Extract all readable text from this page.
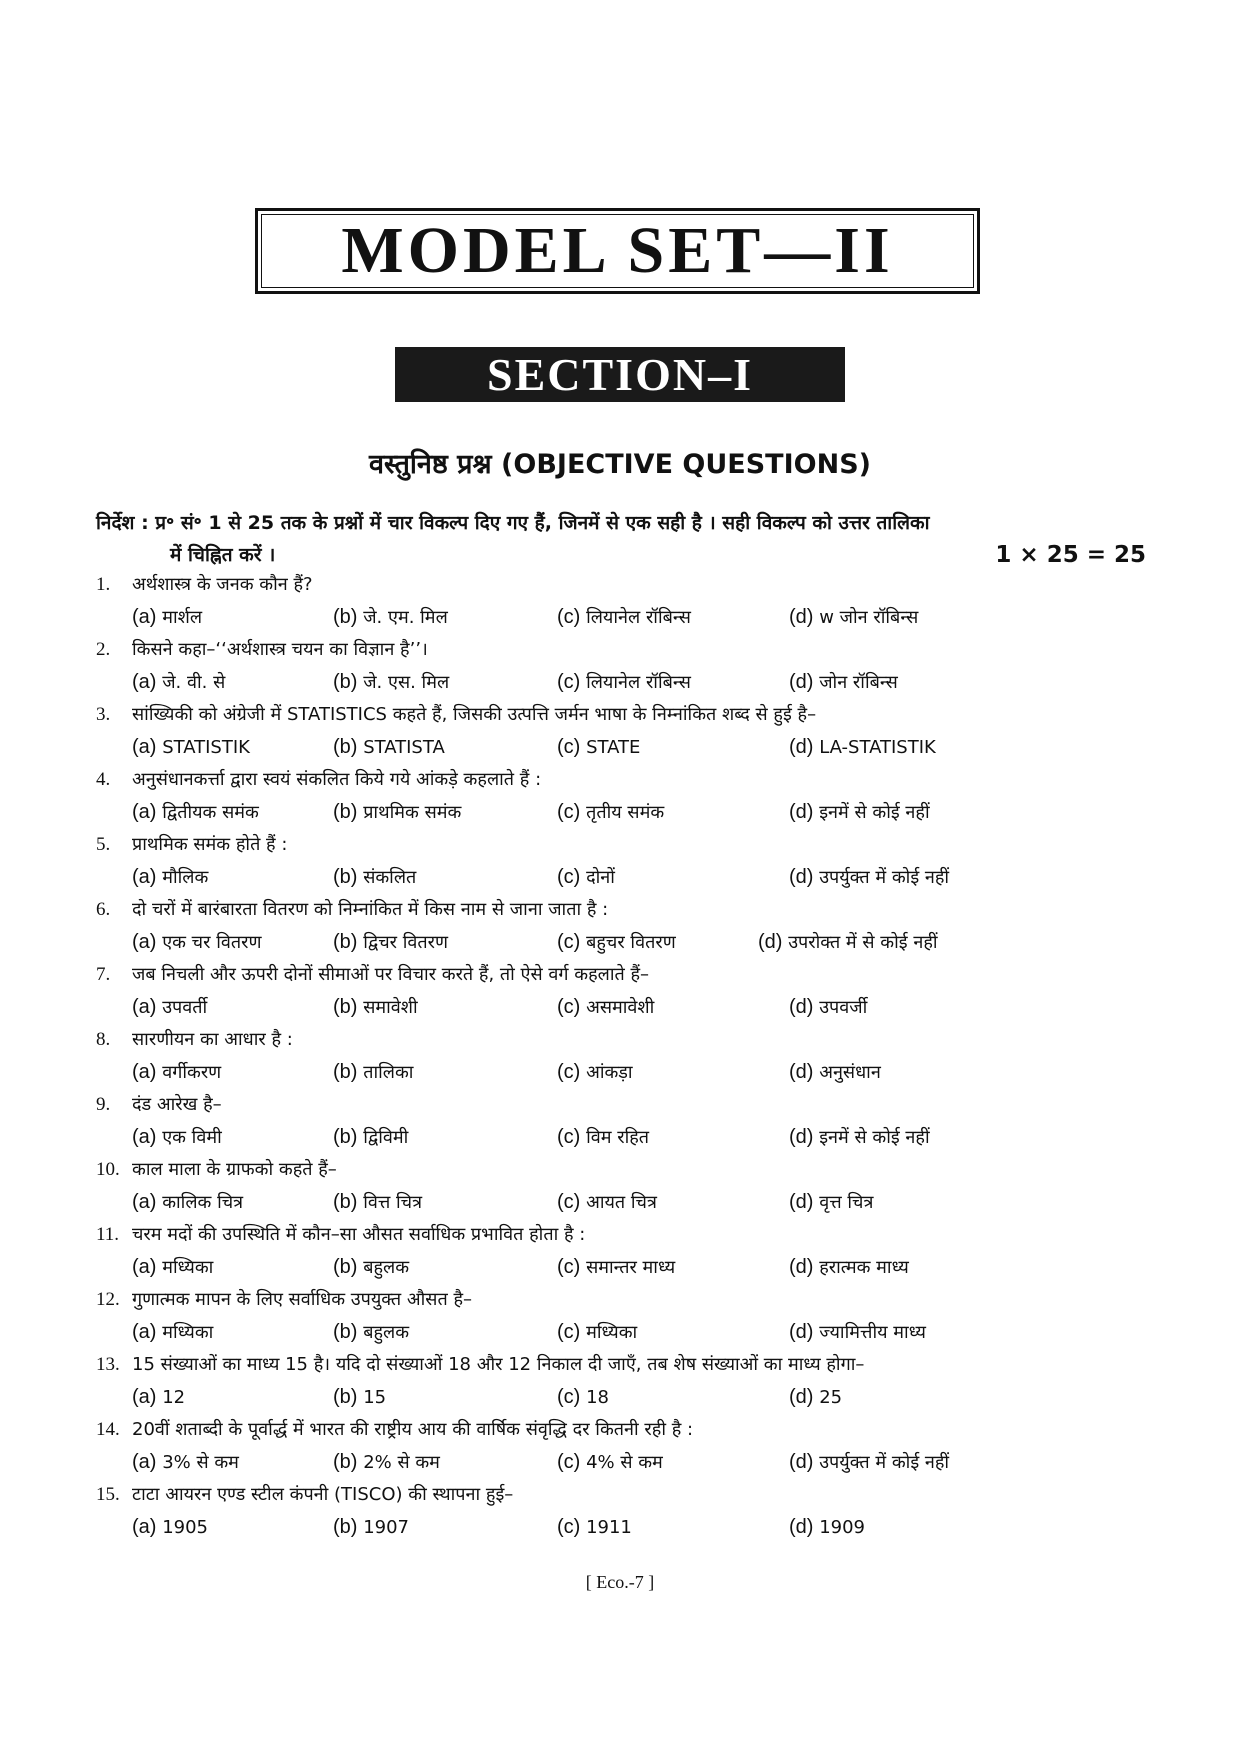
MODEL SET—II
SECTION–I
वस्तुनिष्ठ प्रश्न (OBJECTIVE QUESTIONS)
निर्देश : प्र॰ सं॰ 1 से 25 तक के प्रश्नों में चार विकल्प दिए गए हैं, जिनमें से एक सही है । सही विकल्प को उत्तर तालिका
में चिह्नित करें ।	1 × 25 = 25
1. अर्थशास्त्र के जनक कौन हैं?
(a) मार्शल	(b) जे. एम. मिल	(c) लियानेल रॉबिन्स	(d) w जोन रॉबिन्स
2. किसने कहा–‘‘अर्थशास्त्र चयन का विज्ञान है’’।
(a) जे. वी. से	(b) जे. एस. मिल	(c) लियानेल रॉबिन्स	(d) जोन रॉबिन्स
3. सांख्यिकी को अंग्रेजी में STATISTICS कहते हैं, जिसकी उत्पत्ति जर्मन भाषा के निम्नांकित शब्द से हुई है–
(a) STATISTIK	(b) STATISTA	(c) STATE	(d) LA-STATISTIK
4. अनुसंधानकर्त्ता द्वारा स्वयं संकलित किये गये आंकड़े कहलाते हैं :
(a) द्वितीयक समंक	(b) प्राथमिक समंक	(c) तृतीय समंक	(d) इनमें से कोई नहीं
5. प्राथमिक समंक होते हैं :
(a) मौलिक	(b) संकलित	(c) दोनों	(d) उपर्युक्त में कोई नहीं
6. दो चरों में बारंबारता वितरण को निम्नांकित में किस नाम से जाना जाता है :
(a) एक चर वितरण	(b) द्विचर वितरण	(c) बहुचर वितरण	(d) उपरोक्त में से कोई नहीं
7. जब निचली और ऊपरी दोनों सीमाओं पर विचार करते हैं, तो ऐसे वर्ग कहलाते हैं–
(a) उपवर्ती	(b) समावेशी	(c) असमावेशी	(d) उपवर्जी
8. सारणीयन का आधार है :
(a) वर्गीकरण	(b) तालिका	(c) आंकड़ा	(d) अनुसंधान
9. दंड आरेख है–
(a) एक विमी	(b) द्विविमी	(c) विम रहित	(d) इनमें से कोई नहीं
10. काल माला के ग्राफको कहते हैं–
(a) कालिक चित्र	(b) वित्त चित्र	(c) आयत चित्र	(d) वृत्त चित्र
11. चरम मदों की उपस्थिति में कौन–सा औसत सर्वाधिक प्रभावित होता है :
(a) मध्यिका	(b) बहुलक	(c) समान्तर माध्य	(d) हरात्मक माध्य
12. गुणात्मक मापन के लिए सर्वाधिक उपयुक्त औसत है–
(a) मध्यिका	(b) बहुलक	(c) मध्यिका	(d) ज्यामित्तीय माध्य
13. 15 संख्याओं का माध्य 15 है। यदि दो संख्याओं 18 और 12 निकाल दी जाएँ, तब शेष संख्याओं का माध्य होगा–
(a) 12	(b) 15	(c) 18	(d) 25
14. 20वीं शताब्दी के पूर्वार्द्ध में भारत की राष्ट्रीय आय की वार्षिक संवृद्धि दर कितनी रही है :
(a) 3% से कम	(b) 2% से कम	(c) 4% से कम	(d) उपर्युक्त में कोई नहीं
15. टाटा आयरन एण्ड स्टील कंपनी (TISCO) की स्थापना हुई–
(a) 1905	(b) 1907	(c) 1911	(d) 1909
[ Eco.-7 ]
